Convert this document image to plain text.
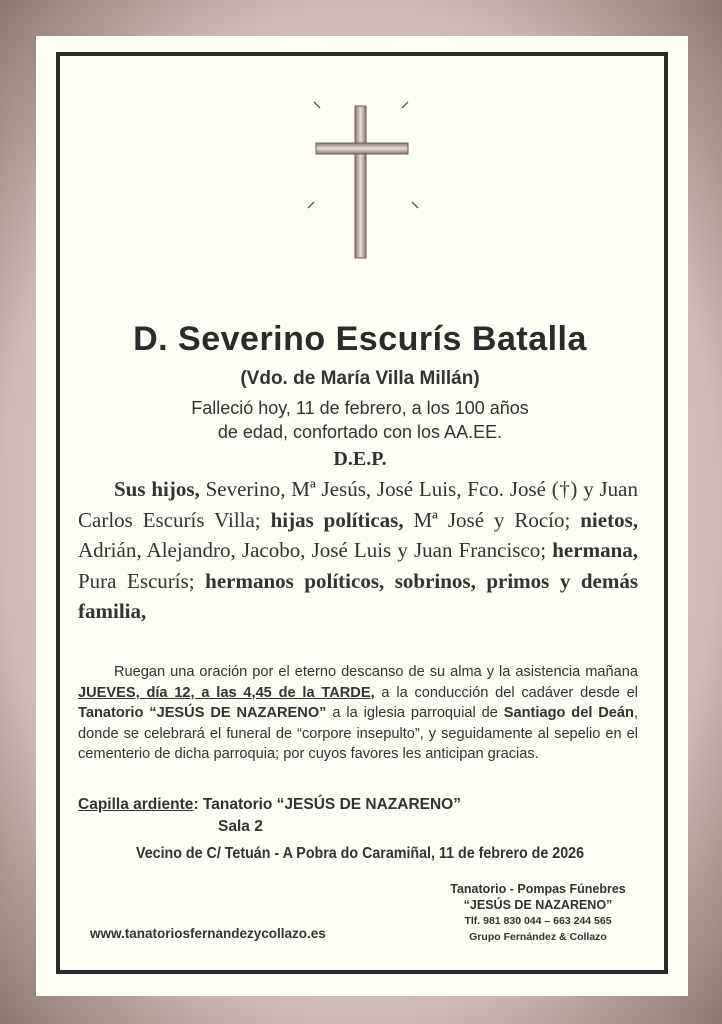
D. Severino Escurís Batalla
(Vdo. de María Villa Millán)
Falleció hoy, 11 de febrero, a los 100 años
de edad, confortado con los AA.EE.
D.E.P.
Sus hijos, Severino, Mª Jesús, José Luis, Fco. José (†) y Juan Carlos Escurís Villa; hijas políticas, Mª José y Rocío; nietos, Adrián, Alejandro, Jacobo, José Luis y Juan Francisco; hermana, Pura Escurís; hermanos políticos, sobrinos, primos y demás familia,
Ruegan una oración por el eterno descanso de su alma y la asistencia mañana JUEVES, día 12, a las 4,45 de la TARDE, a la conducción del cadáver desde el Tanatorio “JESÚS DE NAZARENO” a la iglesia parroquial de Santiago del Deán, donde se celebrará el funeral de “corpore insepulto”, y seguidamente al sepelio en el cementerio de dicha parroquia; por cuyos favores les anticipan gracias.
Capilla ardiente: Tanatorio “JESÚS DE NAZARENO”
Sala 2
Vecino de C/ Tetuán - A Pobra do Caramiñal, 11 de febrero de 2026
www.tanatoriosfernandezycollazo.es
Tanatorio - Pompas Fúnebres
“JESÚS DE NAZARENO”
Tlf. 981 830 044 – 663 244 565
Grupo Fernández & Collazo
